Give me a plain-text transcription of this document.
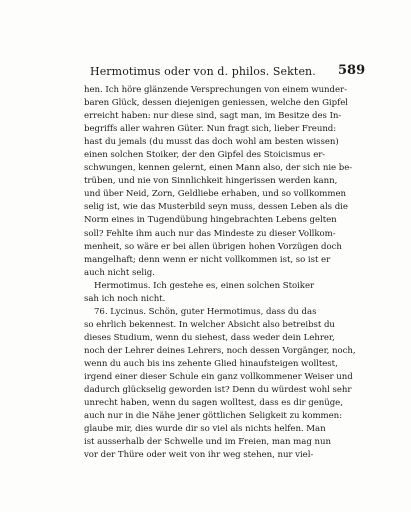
Hermotimus oder von d. philos. Sekten.	589
hen. Ich höre glänzende Versprechungen von einem wunder-
baren Glück, dessen diejenigen geniessen, welche den Gipfel
erreicht haben: nur diese sind, sagt man, im Besitze des In-
begriffs aller wahren Güter. Nun fragt sich, lieber Freund:
hast du jemals (du musst das doch wohl am besten wissen)
einen solchen Stoiker, der den Gipfel des Stoicismus er-
schwungen, kennen gelernt, einen Mann also, der sich nie be-
trüben, und nie von Sinnlichkeit hingerissen werden kann,
und über Neid, Zorn, Geldliebe erhaben, und so vollkommen
selig ist, wie das Musterbild seyn muss, dessen Leben als die
Norm eines in Tugendübung hingebrachten Lebens gelten
soll? Fehlte ihm auch nur das Mindeste zu dieser Vollkom-
menheit, so wäre er bei allen übrigen hohen Vorzügen doch
mangelhaft; denn wenn er nicht vollkommen ist, so ist er
auch nicht selig.
Hermotimus. Ich gestehe es, einen solchen Stoiker
sah ich noch nicht.
76. Lycinus. Schön, guter Hermotimus, dass du das
so ehrlich bekennest. In welcher Absicht also betreibst du
dieses Studium, wenn du siehest, dass weder dein Lehrer,
noch der Lehrer deines Lehrers, noch dessen Vorgänger, noch,
wenn du auch bis ins zehente Glied hinaufsteigen wolltest,
irgend einer dieser Schule ein ganz vollkommener Weiser und
dadurch glückselig geworden ist? Denn du würdest wohl sehr
unrecht haben, wenn du sagen wolltest, dass es dir genüge,
auch nur in die Nähe jener göttlichen Seligkeit zu kommen:
glaube mir, dies wurde dir so viel als nichts helfen. Man
ist ausserhalb der Schwelle und im Freien, man mag nun
vor der Thüre oder weit von ihr weg stehen, nur viel-
